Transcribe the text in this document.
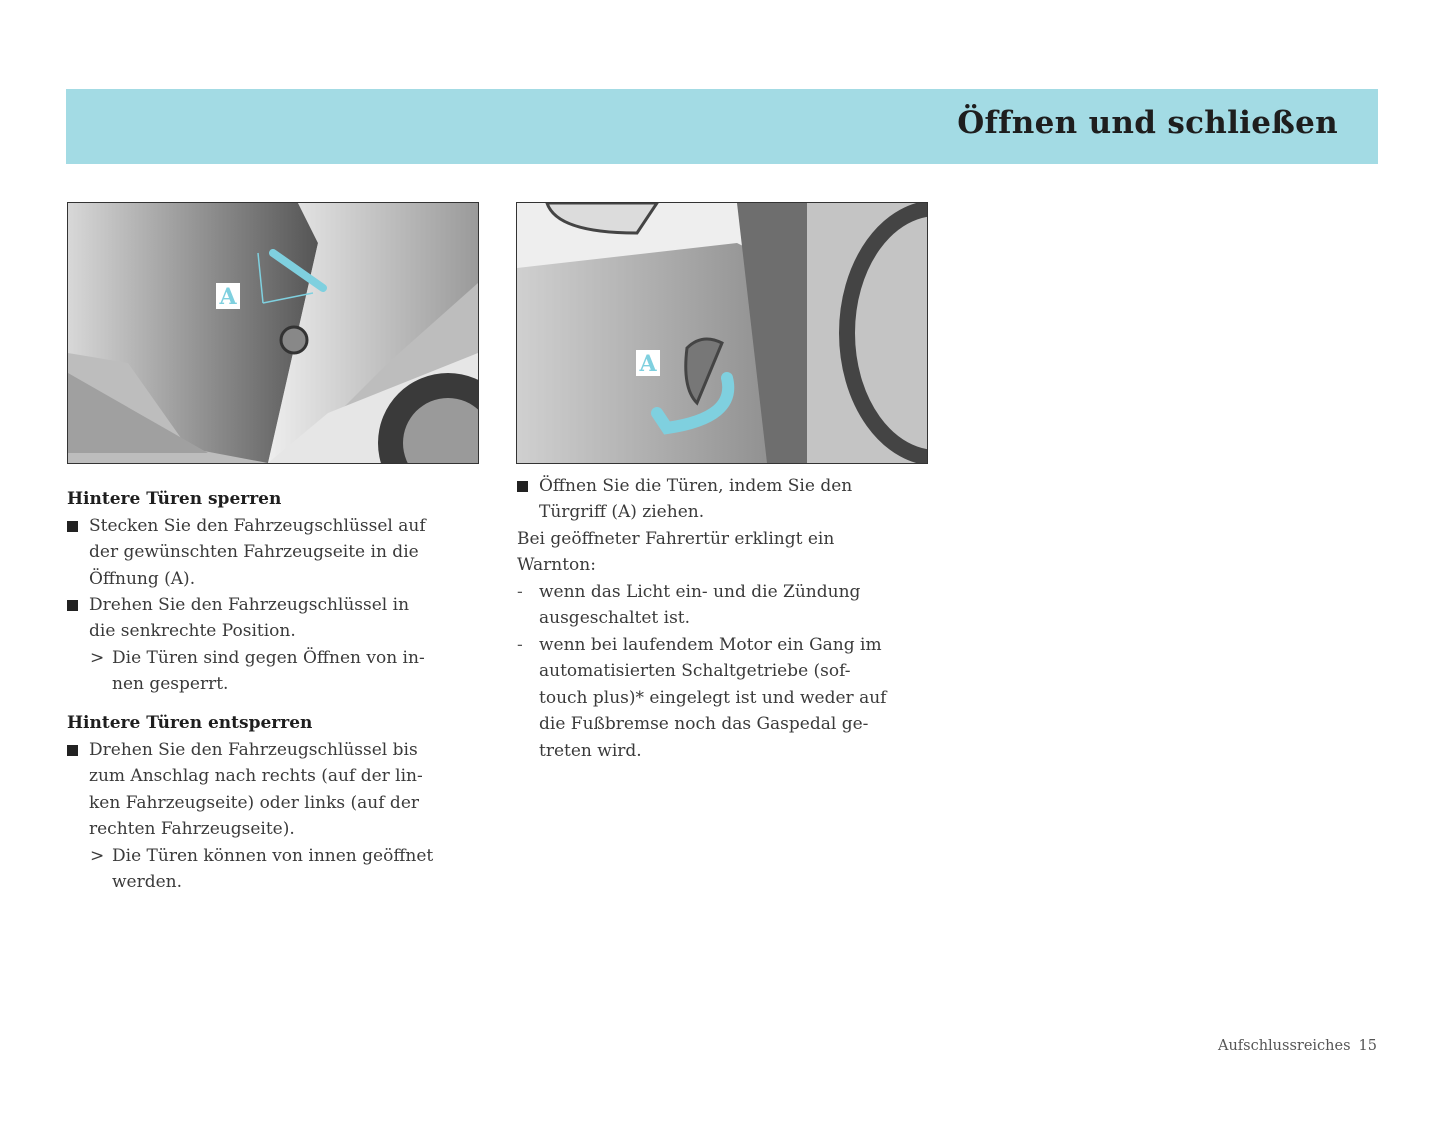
Öffnen und schließen
A
A
Hintere Türen sperren
Stecken Sie den Fahrzeugschlüssel auf
der gewünschten Fahrzeugseite in die
Öffnung (A).
Drehen Sie den Fahrzeugschlüssel in
die senkrechte Position.
> Die Türen sind gegen Öffnen von in-
nen gesperrt.
Hintere Türen entsperren
Drehen Sie den Fahrzeugschlüssel bis
zum Anschlag nach rechts (auf der lin-
ken Fahrzeugseite) oder links (auf der
rechten Fahrzeugseite).
> Die Türen können von innen geöffnet
werden.
Öffnen Sie die Türen, indem Sie den
Türgriff (A) ziehen.
Bei geöffneter Fahrertür erklingt ein
Warnton:
- wenn das Licht ein- und die Zündung
ausgeschaltet ist.
- wenn bei laufendem Motor ein Gang im
automatisierten Schaltgetriebe (sof-
touch plus)* eingelegt ist und weder auf
die Fußbremse noch das Gaspedal ge-
treten wird.
Aufschlussreiches 15
